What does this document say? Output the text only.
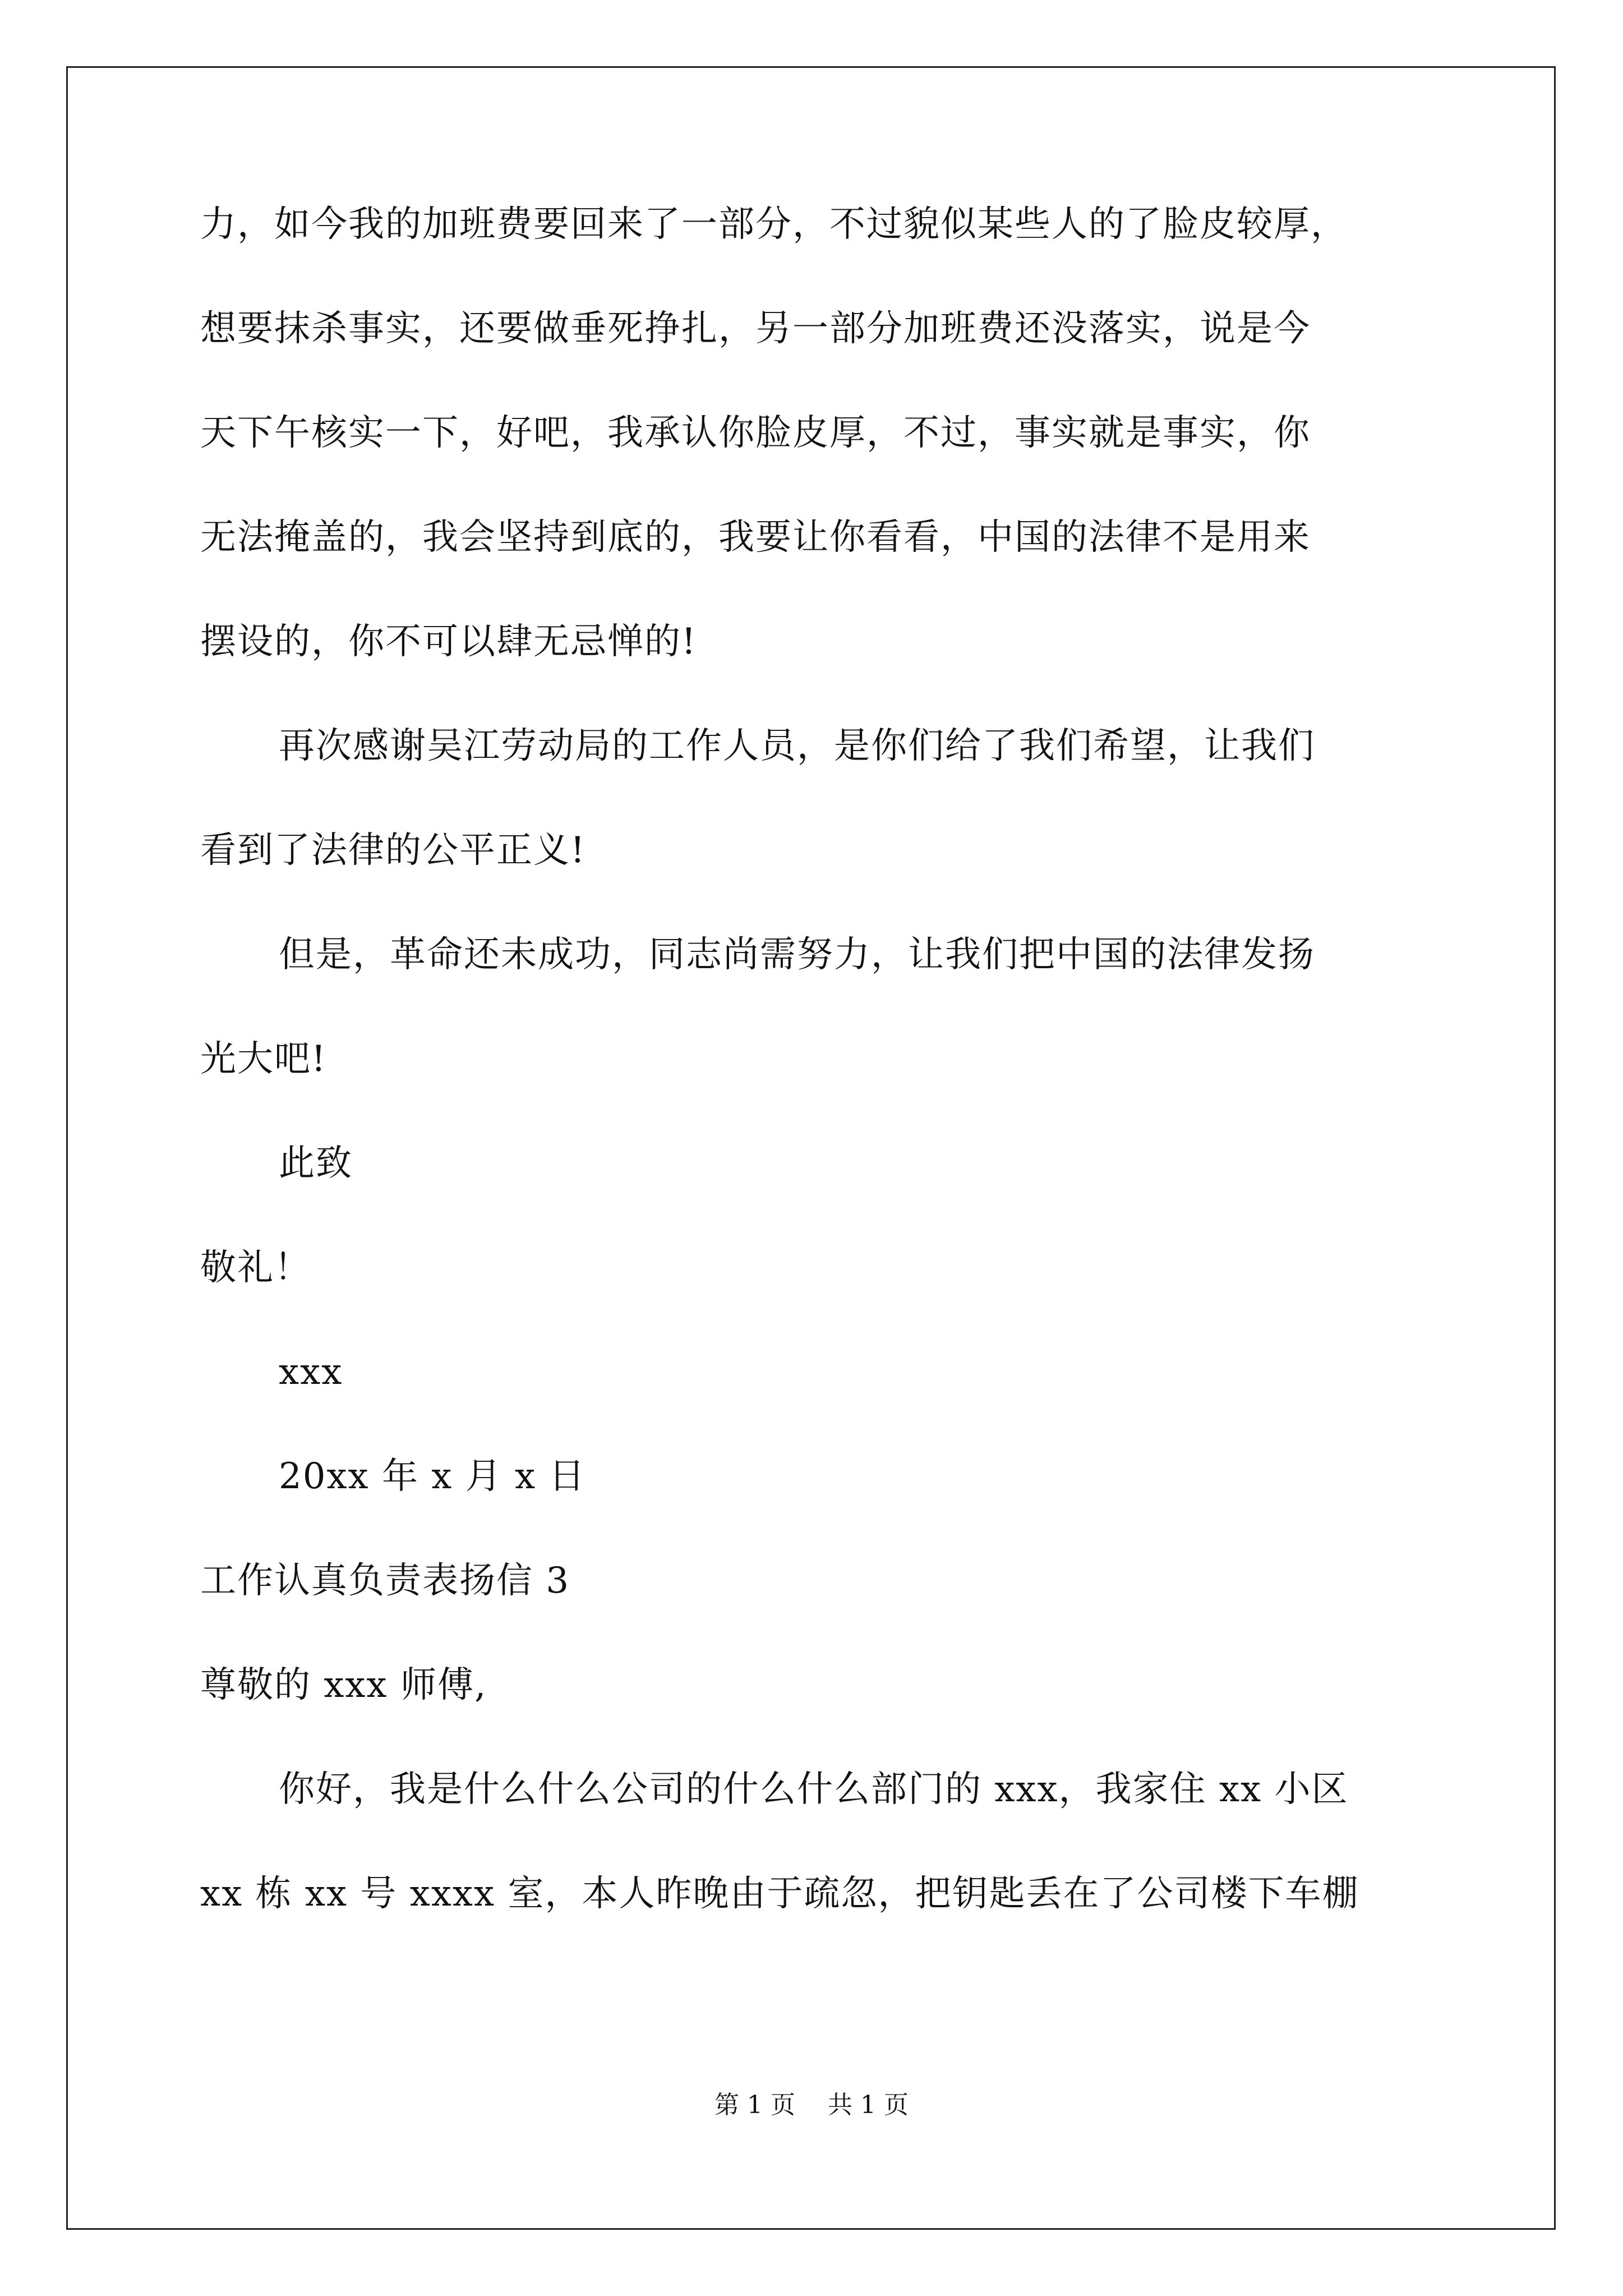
力，如今我的加班费要回来了一部分，不过貌似某些人的了脸皮较厚，
想要抹杀事实，还要做垂死挣扎，另一部分加班费还没落实，说是今
天下午核实一下，好吧，我承认你脸皮厚，不过，事实就是事实，你
无法掩盖的，我会坚持到底的，我要让你看看，中国的法律不是用来
摆设的，你不可以肆无忌惮的!
再次感谢吴江劳动局的工作人员，是你们给了我们希望，让我们
看到了法律的公平正义!
但是，革命还未成功，同志尚需努力，让我们把中国的法律发扬
光大吧!
此致
敬礼！
xxx
20xx 年 x 月 x 日
工作认真负责表扬信 3
尊敬的 xxx 师傅,
你好，我是什么什么公司的什么什么部门的 xxx，我家住 xx 小区
xx 栋 xx 号 xxxx 室，本人昨晚由于疏忽，把钥匙丢在了公司楼下车棚
第 1 页 共 1 页
